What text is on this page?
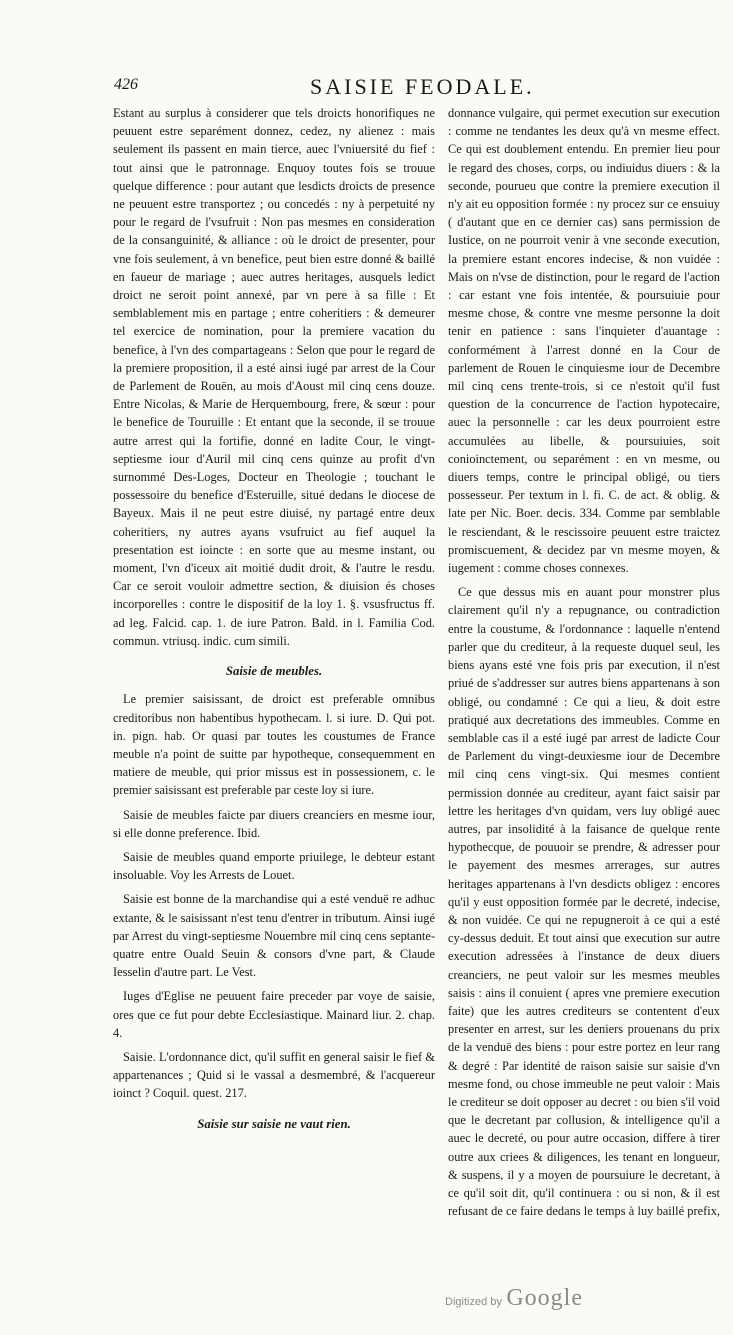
426	SAISIE FEODALE.

Estant au surplus à considerer que tels droicts honorifiques ne peuuent estre separément donnez, cedez, ny alienez : mais seulement ils passent en main tierce, auec l'vniuersité du fief : tout ainsi que le patronnage. Enquoy toutes fois se trouue quelque difference : pour autant que lesdicts droicts de presence ne peuuent estre transportez ; ou concedés : ny à perpetuité ny pour le regard de l'vsufruit : Non pas mesmes en consideration de la consanguinité, & alliance : où le droict de presenter, pour vne fois seulement, à vn benefice, peut bien estre donné & baillé en faueur de mariage ; auec autres heritages, ausquels ledict droict ne seroit point annexé, par vn pere à sa fille : Et semblablement mis en partage ; entre coheritiers : & demeurer tel exercice de nomination, pour la premiere vacation du benefice, à l'vn des compartageans : Selon que pour le regard de la premiere proposition, il a esté ainsi iugé par arrest de la Cour de Parlement de Rouën, au mois d'Aoust mil cinq cens douze. Entre Nicolas, & Marie de Herquembourg, frere, & sœur : pour le benefice de Touruille : Et entant que la seconde, il se trouue autre arrest qui la fortifie, donné en ladite Cour, le vingt-septiesme iour d'Auril mil cinq cens quinze au profit d'vn surnommé Des-Loges, Docteur en Theologie ; touchant le possessoire du benefice d'Esteruille, situé dedans le diocese de Bayeux. Mais il ne peut estre diuisé, ny partagé entre deux coheritiers, ny autres ayans vsufruict au fief auquel la presentation est ioincte : en sorte que au mesme instant, ou moment, l'vn d'iceux ait moitié dudit droit, & l'autre le resdu. Car ce seroit vouloir admettre section, & diuision és choses incorporelles : contre le dispositif de la loy 1. §. vsusfructus ff. ad leg. Falcid. cap. 1. de iure Patron. Bald. in l. Familia Cod. commun. vtriusq. indic. cum simili.

Saisie de meubles.

Le premier saisissant, de droict est preferable omnibus creditoribus non habentibus hypothecam. l. si iure. D. Qui pot. in. pign. hab. Or quasi par toutes les coustumes de France meuble n'a point de suitte par hypotheque, consequemment en matiere de meuble, qui prior missus est in possessionem, c. le premier saisissant est preferable par ceste loy si iure.

Saisie de meubles faicte par diuers creanciers en mesme iour, si elle donne preference. Ibid.

Saisie de meubles quand emporte priuilege, le debteur estant insoluable. Voy les Arrests de Louet.

Saisie est bonne de la marchandise qui a esté venduë re adhuc extante, & le saisissant n'est tenu d'entrer in tributum. Ainsi iugé par Arrest du vingt-septiesme Nouembre mil cinq cens septante-quatre entre Ouald Seuin & consors d'vne part, & Claude Iesselin d'autre part. Le Vest.

Iuges d'Eglise ne peuuent faire preceder par voye de saisie, ores que ce fut pour debte Ecclesiastique. Mainard liur. 2. chap. 4.

Saisie. L'ordonnance dict, qu'il suffit en general saisir le fief & appartenances ; Quid si le vassal a desmembré, & l'acquereur ioinct ? Coquil. quest. 217.

Saisie sur saisie ne vaut rien.

donnance vulgaire, qui permet execution sur execution : comme ne tendantes les deux qu'à vn mesme effect. Ce qui est doublement entendu. En premier lieu pour le regard des choses, corps, ou indiuidus diuers : & la seconde, pourueu que contre la premiere execution il n'y ait eu opposition formée : ny procez sur ce ensuiuy ( d'autant que en ce dernier cas) sans permission de Iustice, on ne pourroit venir à vne seconde execution, la premiere estant encores indecise, & non vuidée : Mais on n'vse de distinction, pour le regard de l'action : car estant vne fois intentée, & poursuiuie pour mesme chose, & contre vne mesme personne la doit tenir en patience : sans l'inquieter d'auantage : conformément à l'arrest donné en la Cour de parlement de Rouen le cinquiesme iour de Decembre mil cinq cens trente-trois, si ce n'estoit qu'il fust question de la concurrence de l'action hypotecaire, auec la personnelle : car les deux pourroient estre accumulées au libelle, & poursuiuies, soit conioinctement, ou separément : en vn mesme, ou diuers temps, contre le principal obligé, ou tiers possesseur. Per textum in l. fi. C. de act. & oblig. & late per Nic. Boer. decis. 334. Comme par semblable le resciendant, & le rescissoire peuuent estre traictez promiscuement, & decidez par vn mesme moyen, & iugement : comme choses connexes.

Ce que dessus mis en auant pour monstrer plus clairement qu'il n'y a repugnance, ou contradiction entre la coustume, & l'ordonnance : laquelle n'entend parler que du crediteur, à la requeste duquel seul, les biens ayans esté vne fois pris par execution, il n'est priué de s'addresser sur autres biens appartenans à son obligé, ou condamné : Ce qui a lieu, & doit estre pratiqué aux decretations des immeubles. Comme en semblable cas il a esté iugé par arrest de ladicte Cour de Parlement du vingt-deuxiesme iour de Decembre mil cinq cens vingt-six. Qui mesmes contient permission donnée au crediteur, ayant faict saisir par lettre les heritages d'vn quidam, vers luy obligé auec autres, par insolidité à la faisance de quelque rente hypothecque, de pouuoir se prendre, & adresser pour le payement des mesmes arrerages, sur autres heritages appartenans à l'vn desdicts obligez : encores qu'il y eust opposition formée par le decreté, indecise, & non vuidée. Ce qui ne repugneroit à ce qui a esté cy-dessus deduit. Et tout ainsi que execution sur autre execution adressées à l'instance de deux diuers creanciers, ne peut valoir sur les mesmes meubles saisis : ains il conuient ( apres vne premiere execution faite) que les autres crediteurs se contentent d'eux presenter en arrest, sur les deniers prouenans du prix de la venduë des biens : pour estre portez en leur rang & degré : Par identité de raison saisie sur saisie d'vn mesme fond, ou chose immeuble ne peut valoir : Mais le crediteur se doit opposer au decret : ou bien s'il void que le decretant par collusion, & intelligence qu'il a auec le decreté, ou pour autre occasion, differe à tirer outre aux criees & diligences, les tenant en longueur, & suspens, il y a moyen de poursuiure le decretant, à ce qu'il soit dit, qu'il continuera : ou si non, & il est refusant de ce faire dedans le temps à luy baillé prefix,

Digitized by Google
